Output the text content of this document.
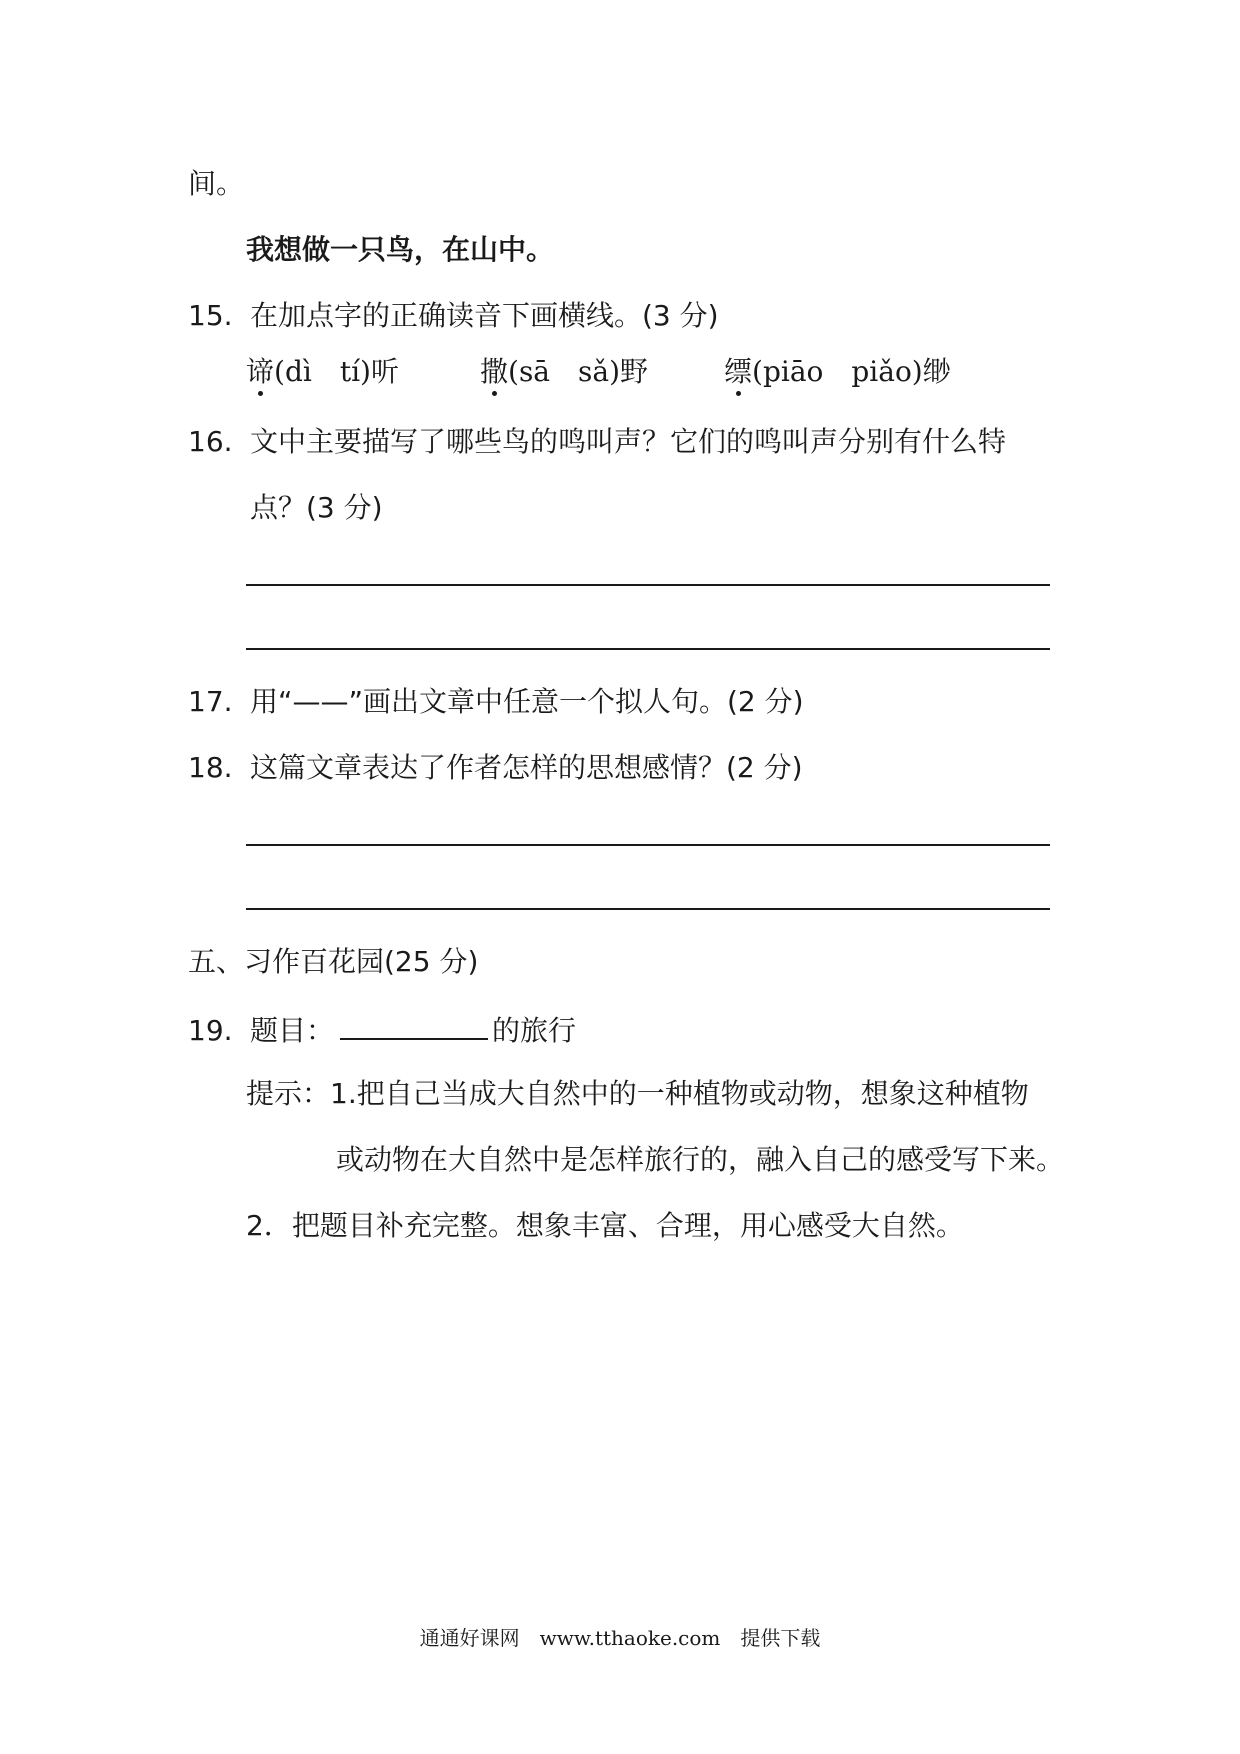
间。
我想做一只鸟，在山中。
15. 在加点字的正确读音下画横线。(3 分)
谛(dì　tí)听	撒(sā　sǎ)野	缥(piāo　piǎo)缈
16. 文中主要描写了哪些鸟的鸣叫声？它们的鸣叫声分别有什么特
点？(3 分)
17. 用“——”画出文章中任意一个拟人句。(2 分)
18. 这篇文章表达了作者怎样的思想感情？(2 分)
五、习作百花园(25 分)
19. 题目：	的旅行
提示：1.把自己当成大自然中的一种植物或动物，想象这种植物
或动物在大自然中是怎样旅行的，融入自己的感受写下来。
2．把题目补充完整。想象丰富、合理，用心感受大自然。
通通好课网　www.tthaoke.com　提供下载
